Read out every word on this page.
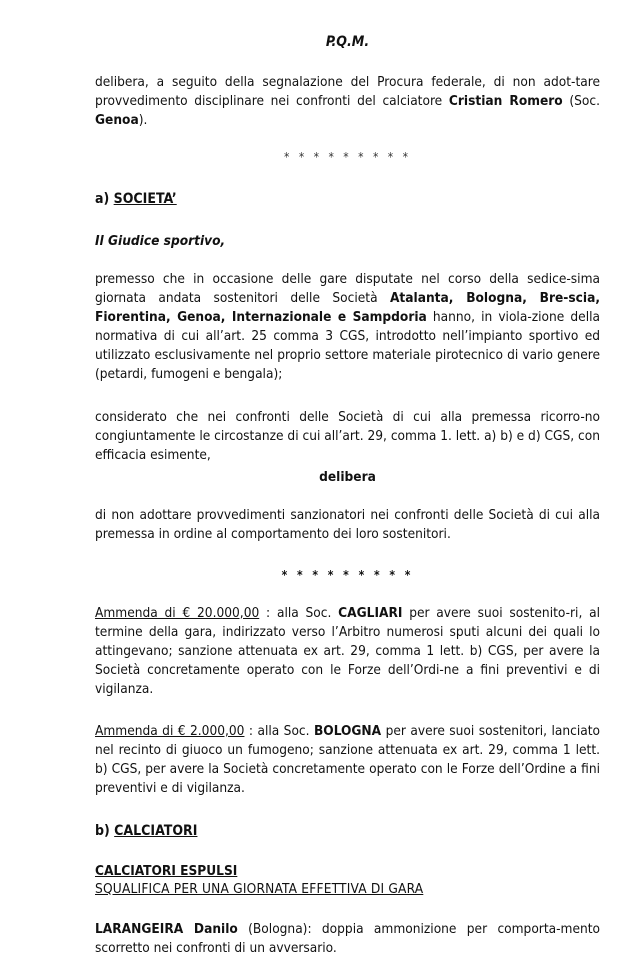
P.Q.M.
delibera, a seguito della segnalazione del Procura federale, di non adot-tare provvedimento disciplinare nei confronti del calciatore Cristian Romero (Soc. Genoa).
* * * * * * * * *
a) SOCIETA’
Il Giudice sportivo,
premesso che in occasione delle gare disputate nel corso della sedice-sima giornata andata sostenitori delle Società Atalanta, Bologna, Bre-scia, Fiorentina, Genoa, Internazionale e Sampdoria hanno, in viola-zione della normativa di cui all’art. 25 comma 3 CGS, introdotto nell’impianto sportivo ed utilizzato esclusivamente nel proprio settore materiale pirotecnico di vario genere (petardi, fumogeni e bengala);
considerato che nei confronti delle Società di cui alla premessa ricorro-no congiuntamente le circostanze di cui all’art. 29, comma 1. lett. a) b) e d) CGS, con efficacia esimente,
delibera
di non adottare provvedimenti sanzionatori nei confronti delle Società di cui alla premessa in ordine al comportamento dei loro sostenitori.
* * * * * * * * *
Ammenda di € 20.000,00 : alla Soc. CAGLIARI per avere suoi sostenito-ri, al termine della gara, indirizzato verso l’Arbitro numerosi sputi alcuni dei quali lo attingevano; sanzione attenuata ex art. 29, comma 1 lett. b) CGS, per avere la Società concretamente operato con le Forze dell’Ordi-ne a fini preventivi e di vigilanza.
Ammenda di € 2.000,00 : alla Soc. BOLOGNA per avere suoi sostenitori, lanciato nel recinto di giuoco un fumogeno; sanzione attenuata ex art. 29, comma 1 lett. b) CGS, per avere la Società concretamente operato con le Forze dell’Ordine a fini preventivi e di vigilanza.
b) CALCIATORI
CALCIATORI ESPULSI
SQUALIFICA PER UNA GIORNATA EFFETTIVA DI GARA
LARANGEIRA Danilo (Bologna): doppia ammonizione per comporta-mento scorretto nei confronti di un avversario.
